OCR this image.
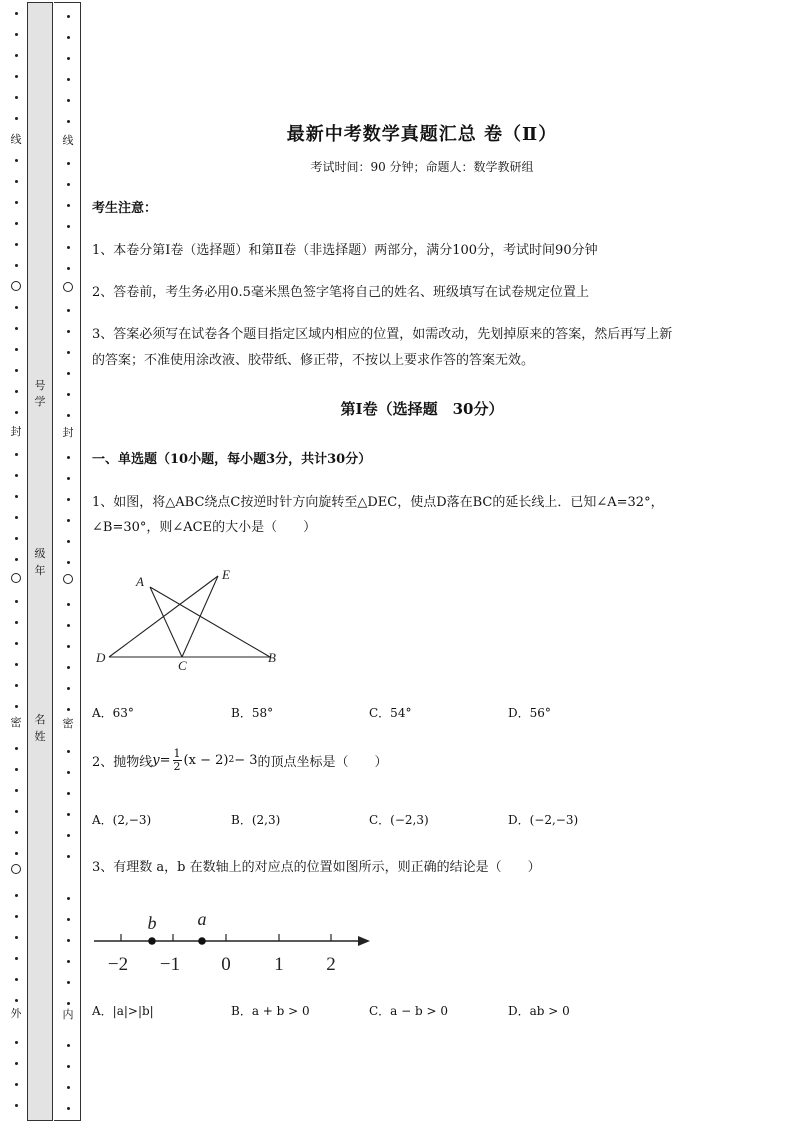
线
封
密
外
号
学
级
年
名
姓
线
封
密
内
最新中考数学真题汇总 卷（Ⅱ）
考试时间：90 分钟；命题人：数学教研组
考生注意：
1、本卷分第Ⅰ卷（选择题）和第Ⅱ卷（非选择题）两部分，满分100分，考试时间90分钟
2、答卷前，考生务必用0.5毫米黑色签字笔将自己的姓名、班级填写在试卷规定位置上
3、答案必须写在试卷各个题目指定区域内相应的位置，如需改动，先划掉原来的答案，然后再写上新
的答案；不准使用涂改液、胶带纸、修正带，不按以上要求作答的答案无效。
第Ⅰ卷（选择题　30分）
一、单选题（10小题，每小题3分，共计30分）
1、如图，将△ABC绕点C按逆时针方向旋转至△DEC，使点D落在BC的延长线上．已知∠A=32°，
∠B=30°，则∠ACE的大小是（　　）
A	E
D
C
B
A．63°	B．58°	C．54°	D．56°
2、抛物线 $y = \frac{1}{2} (x - 2) 2 - 3$ 的顶点坐标是（　　）
A．(2,−3)	B．(2,3)	C．(−2,3)	D．(−2,−3)
3、有理数 a，b 在数轴上的对应点的位置如图所示，则正确的结论是（　　）
−2 −1 0 1 2
b a
A．|a|>|b|	B．a + b > 0	C．a − b > 0	D．ab > 0
